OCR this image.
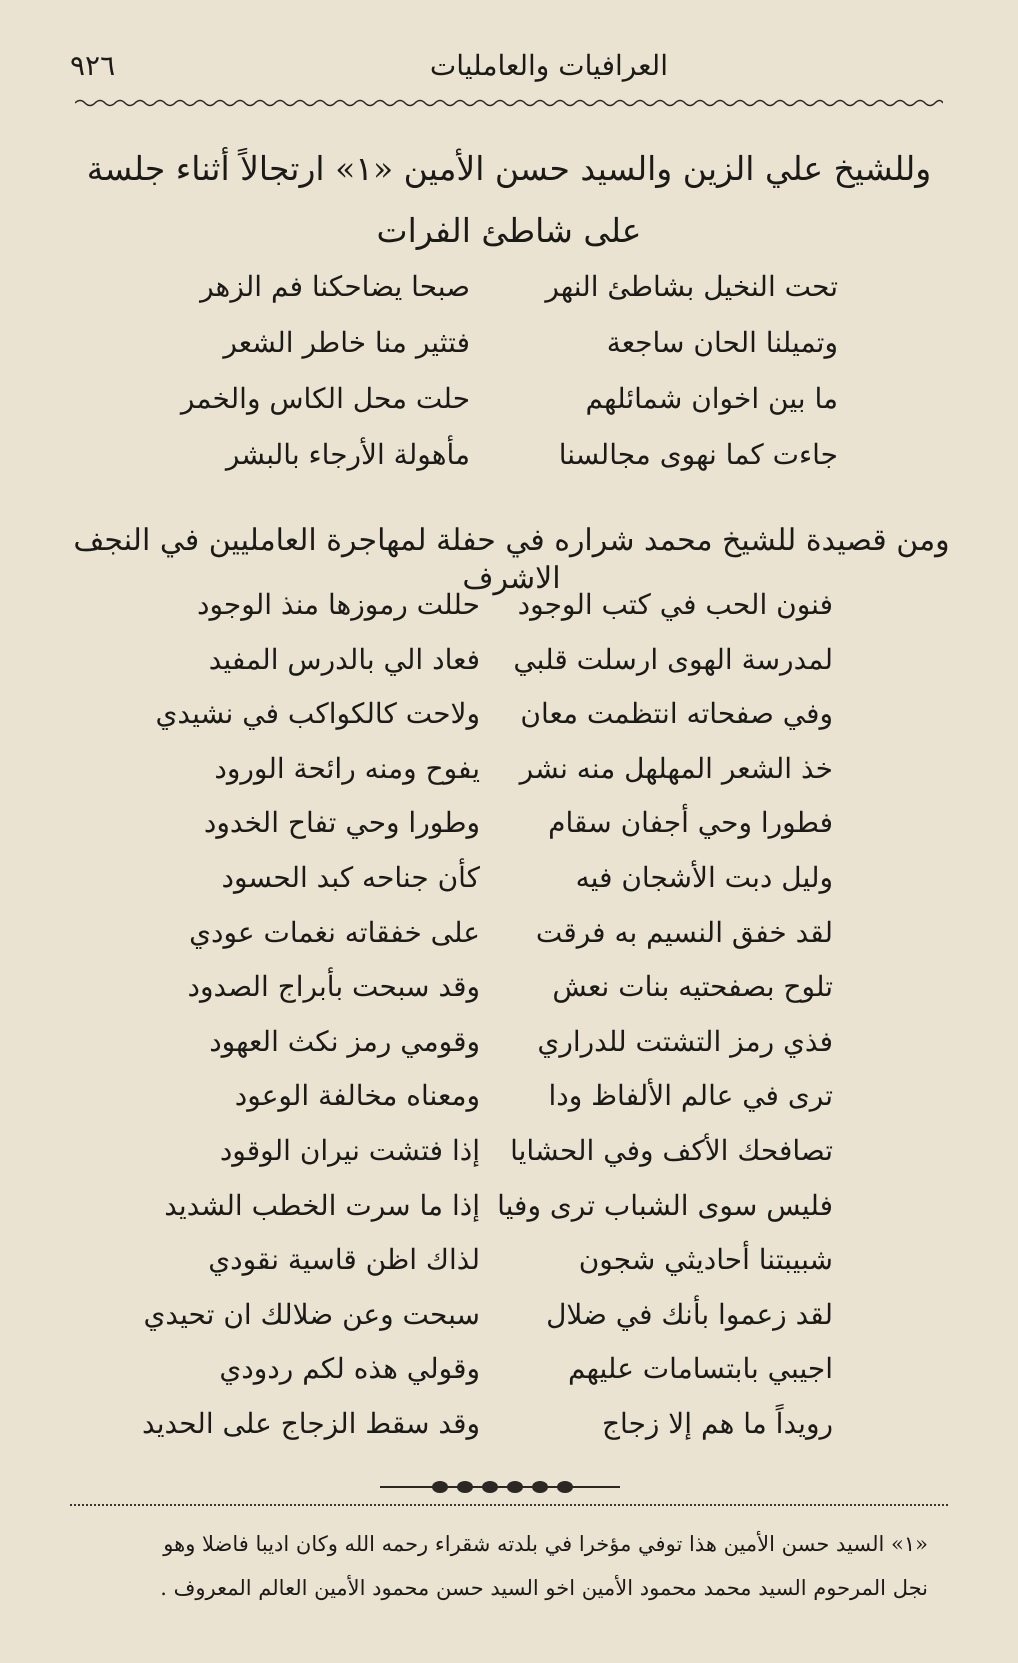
٩٢٦	العرافيات والعامليات
وللشيخ علي الزين والسيد حسن الأمين «١» ارتجالاً أثناء جلسة
على شاطئ الفرات
تحت النخيل بشاطئ النهر
صبحا يضاحكنا فم الزهر
وتميلنا الحان ساجعة
فتثير منا خاطر الشعر
ما بين اخوان شمائلهم
حلت محل الكاس والخمر
جاءت كما نهوى مجالسنا
مأهولة الأرجاء بالبشر
ومن قصيدة للشيخ محمد شراره في حفلة لمهاجرة العامليين في النجف الاشرف
فنون الحب في كتب الوجود
حللت رموزها منذ الوجود
لمدرسة الهوى ارسلت قلبي
فعاد الي بالدرس المفيد
وفي صفحاته انتظمت معان
ولاحت كالكواكب في نشيدي
خذ الشعر المهلهل منه نشر
يفوح ومنه رائحة الورود
فطورا وحي أجفان سقام
وطورا وحي تفاح الخدود
وليل دبت الأشجان فيه
كأن جناحه كبد الحسود
لقد خفق النسيم به فرقت
على خفقاته نغمات عودي
تلوح بصفحتيه بنات نعش
وقد سبحت بأبراج الصدود
فذي رمز التشتت للدراري
وقومي رمز نكث العهود
ترى في عالم الألفاظ ودا
ومعناه مخالفة الوعود
تصافحك الأكف وفي الحشايا
إذا فتشت نيران الوقود
فليس سوى الشباب ترى وفيا
إذا ما سرت الخطب الشديد
شبيبتنا أحاديثي شجون
لذاك اظن قاسية نقودي
لقد زعموا بأنك في ضلال
سبحت وعن ضلالك ان تحيدي
اجيبي بابتسامات عليهم
وقولي هذه لكم ردودي
رويداً ما هم إلا زجاج
وقد سقط الزجاج على الحديد
«١» السيد حسن الأمين هذا توفي مؤخرا في بلدته شقراء رحمه الله وكان اديبا فاضلا وهو
نجل المرحوم السيد محمد محمود الأمين اخو السيد حسن محمود الأمين العالم المعروف .
